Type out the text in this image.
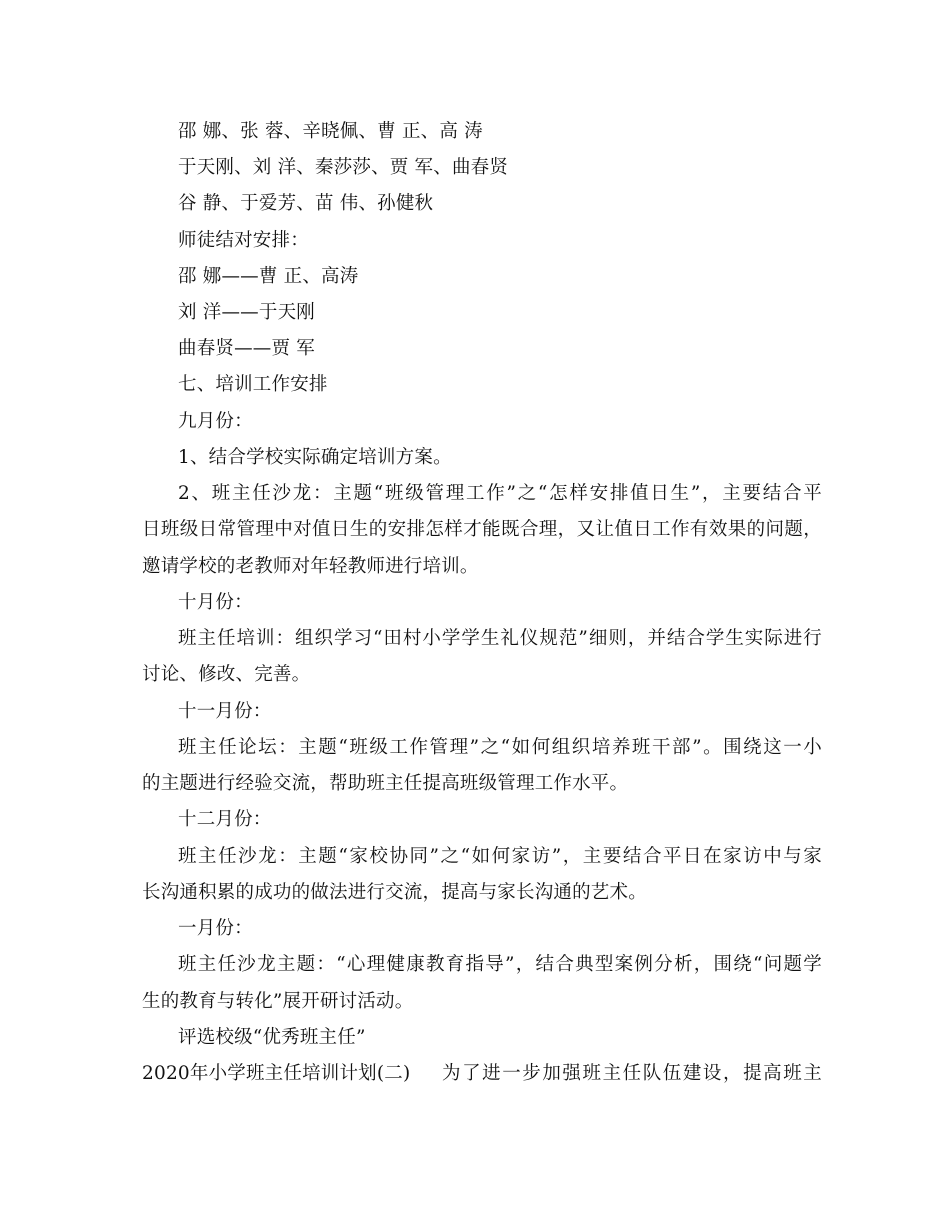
邵 娜、张 蓉、辛晓佩、曹 正、高 涛
于天刚、刘 洋、秦莎莎、贾 军、曲春贤
谷 静、于爱芳、苗 伟、孙健秋
师徒结对安排：
邵 娜——曹 正、高涛
刘 洋——于天刚
曲春贤——贾 军
七、培训工作安排
九月份：
1、结合学校实际确定培训方案。
2、班主任沙龙：主题“班级管理工作”之“怎样安排值日生”，主要结合平
日班级日常管理中对值日生的安排怎样才能既合理，又让值日工作有效果的问题，
邀请学校的老教师对年轻教师进行培训。
十月份：
班主任培训：组织学习“田村小学学生礼仪规范”细则，并结合学生实际进行
讨论、修改、完善。
十一月份：
班主任论坛：主题“班级工作管理”之“如何组织培养班干部”。围绕这一小
的主题进行经验交流，帮助班主任提高班级管理工作水平。
十二月份：
班主任沙龙：主题“家校协同”之“如何家访”，主要结合平日在家访中与家
长沟通积累的成功的做法进行交流，提高与家长沟通的艺术。
一月份：
班主任沙龙主题：“心理健康教育指导”，结合典型案例分析，围绕“问题学
生的教育与转化”展开研讨活动。
评选校级“优秀班主任”
2020年小学班主任培训计划(二)	为了进一步加强班主任队伍建设，提高班主
